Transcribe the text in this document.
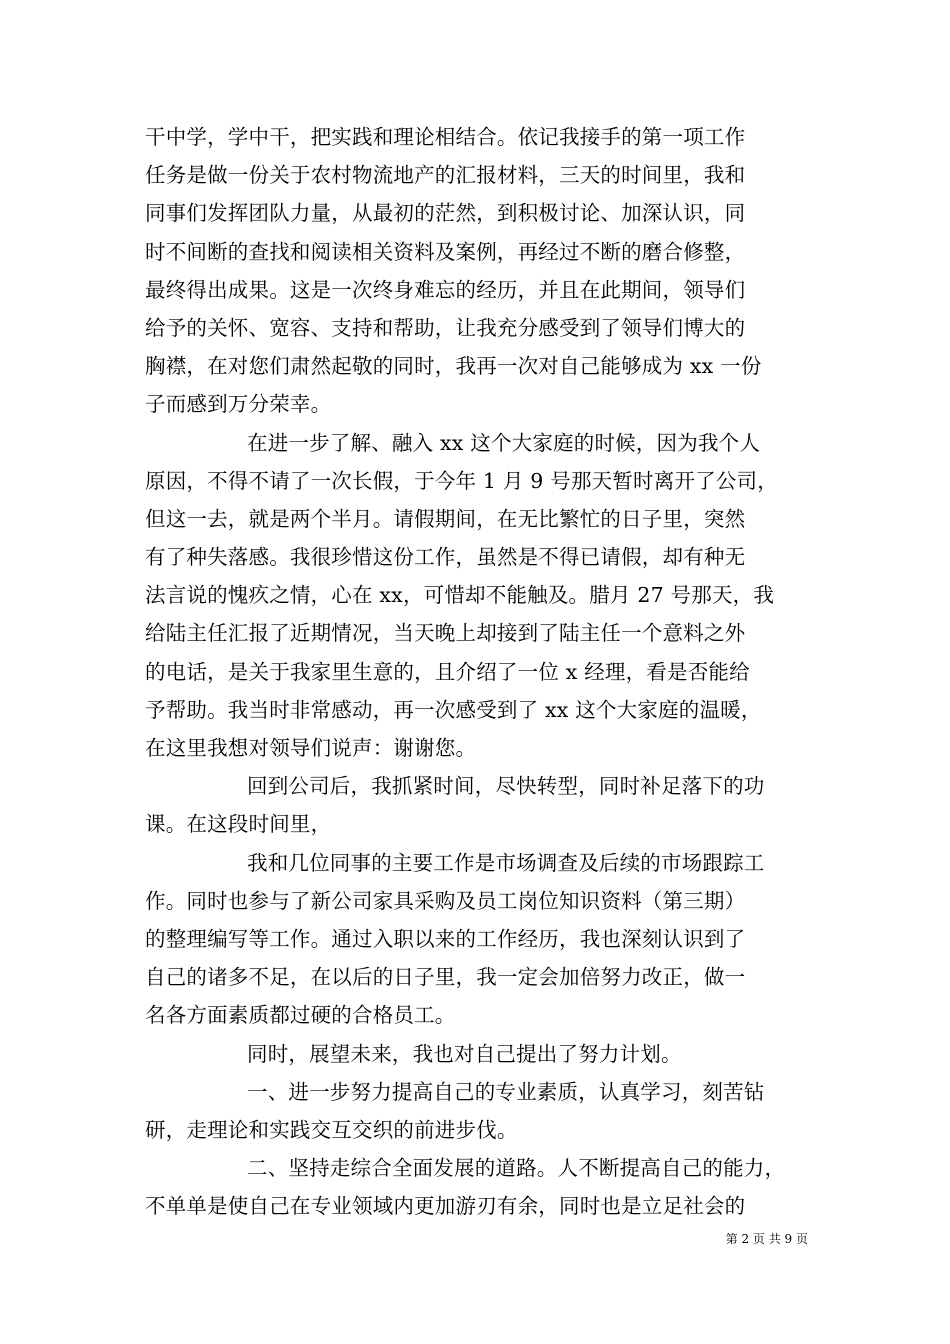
干中学，学中干，把实践和理论相结合。依记我接手的第一项工作
任务是做一份关于农村物流地产的汇报材料，三天的时间里，我和
同事们发挥团队力量，从最初的茫然，到积极讨论、加深认识，同
时不间断的查找和阅读相关资料及案例，再经过不断的磨合修整，
最终得出成果。这是一次终身难忘的经历，并且在此期间，领导们
给予的关怀、宽容、支持和帮助，让我充分感受到了领导们博大的
胸襟，在对您们肃然起敬的同时，我再一次对自己能够成为 xx 一份
子而感到万分荣幸。
在进一步了解、融入 xx 这个大家庭的时候，因为我个人
原因，不得不请了一次长假，于今年 1 月 9 号那天暂时离开了公司，
但这一去，就是两个半月。请假期间，在无比繁忙的日子里，突然
有了种失落感。我很珍惜这份工作，虽然是不得已请假，却有种无
法言说的愧疚之情，心在 xx，可惜却不能触及。腊月 27 号那天，我
给陆主任汇报了近期情况，当天晚上却接到了陆主任一个意料之外
的电话，是关于我家里生意的，且介绍了一位 x 经理，看是否能给
予帮助。我当时非常感动，再一次感受到了 xx 这个大家庭的温暖，
在这里我想对领导们说声：谢谢您。
回到公司后，我抓紧时间，尽快转型，同时补足落下的功
课。在这段时间里，
我和几位同事的主要工作是市场调查及后续的市场跟踪工
作。同时也参与了新公司家具采购及员工岗位知识资料（第三期）
的整理编写等工作。通过入职以来的工作经历，我也深刻认识到了
自己的诸多不足，在以后的日子里，我一定会加倍努力改正，做一
名各方面素质都过硬的合格员工。
同时，展望未来，我也对自己提出了努力计划。
一、进一步努力提高自己的专业素质，认真学习，刻苦钻
研，走理论和实践交互交织的前进步伐。
二、坚持走综合全面发展的道路。人不断提高自己的能力，
不单单是使自己在专业领域内更加游刃有余，同时也是立足社会的
第 2 页 共 9 页
